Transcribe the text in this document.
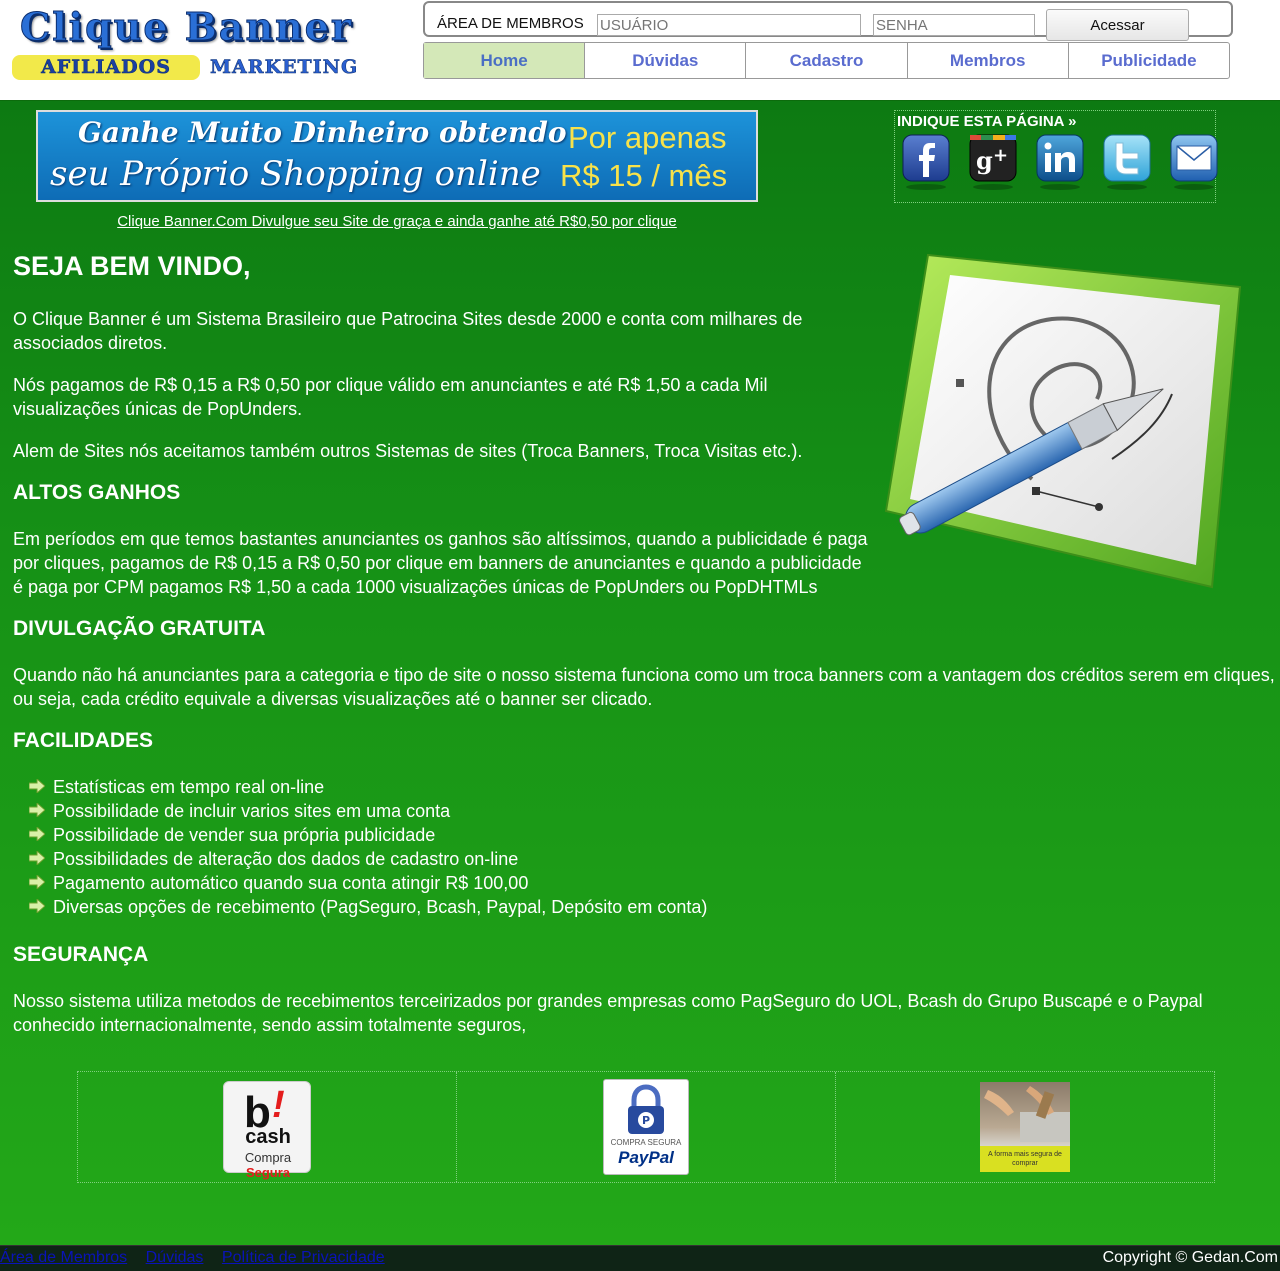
Clique Banner
AFILIADOS	MARKETING
ÁREA DE MEMBROS
USUÁRIO	Acessar
Home	Dúvidas	Cadastro	Membros	Publicidade
Ganhe Muito Dinheiro obtendo
seu Próprio Shopping online
Por apenas
R$ 15 / mês
Clique Banner.Com Divulgue seu Site de graça e ainda ganhe até R$0,50 por clique
INDIQUE ESTA PÁGINA »
g +
SEJA BEM VINDO,

O Clique Banner é um Sistema Brasileiro que Patrocina Sites desde 2000 e conta com milhares de associados diretos.

Nós pagamos de R$ 0,15 a R$ 0,50 por clique válido em anunciantes e até R$ 1,50 a cada Mil visualizações únicas de PopUnders.

Alem de Sites nós aceitamos também outros Sistemas de sites (Troca Banners, Troca Visitas etc.).

ALTOS GANHOS

Em períodos em que temos bastantes anunciantes os ganhos são altíssimos, quando a publicidade é paga por cliques, pagamos de R$ 0,15 a R$ 0,50 por clique em banners de anunciantes e quando a publicidade é paga por CPM pagamos R$ 1,50 a cada 1000 visualizações únicas de PopUnders ou PopDHTMLs

DIVULGAÇÃO GRATUITA

Quando não há anunciantes para a categoria e tipo de site o nosso sistema funciona como um troca banners com a vantagem dos créditos serem em cliques, ou seja, cada crédito equivale a diversas visualizações até o banner ser clicado.

FACILIDADES
Estatísticas em tempo real on-line
Possibilidade de incluir varios sites em uma conta
Possibilidade de vender sua própria publicidade
Possibilidades de alteração dos dados de cadastro on-line
Pagamento automático quando sua conta atingir R$ 100,00
Diversas opções de recebimento (PagSeguro, Bcash, Paypal, Depósito em conta)
SEGURANÇA

Nosso sistema utiliza metodos de recebimentos terceirizados por grandes empresas como PagSeguro do UOL, Bcash do Grupo Buscapé e o Paypal conhecido internacionalmente, sendo assim totalmente seguros,

b !
cash
Compra Segura
P
COMPRA SEGURA
PayPal	A forma mais segura de comprar
Área de Membros Dúvidas Política de Privacidade	Copyright © Gedan.Com
